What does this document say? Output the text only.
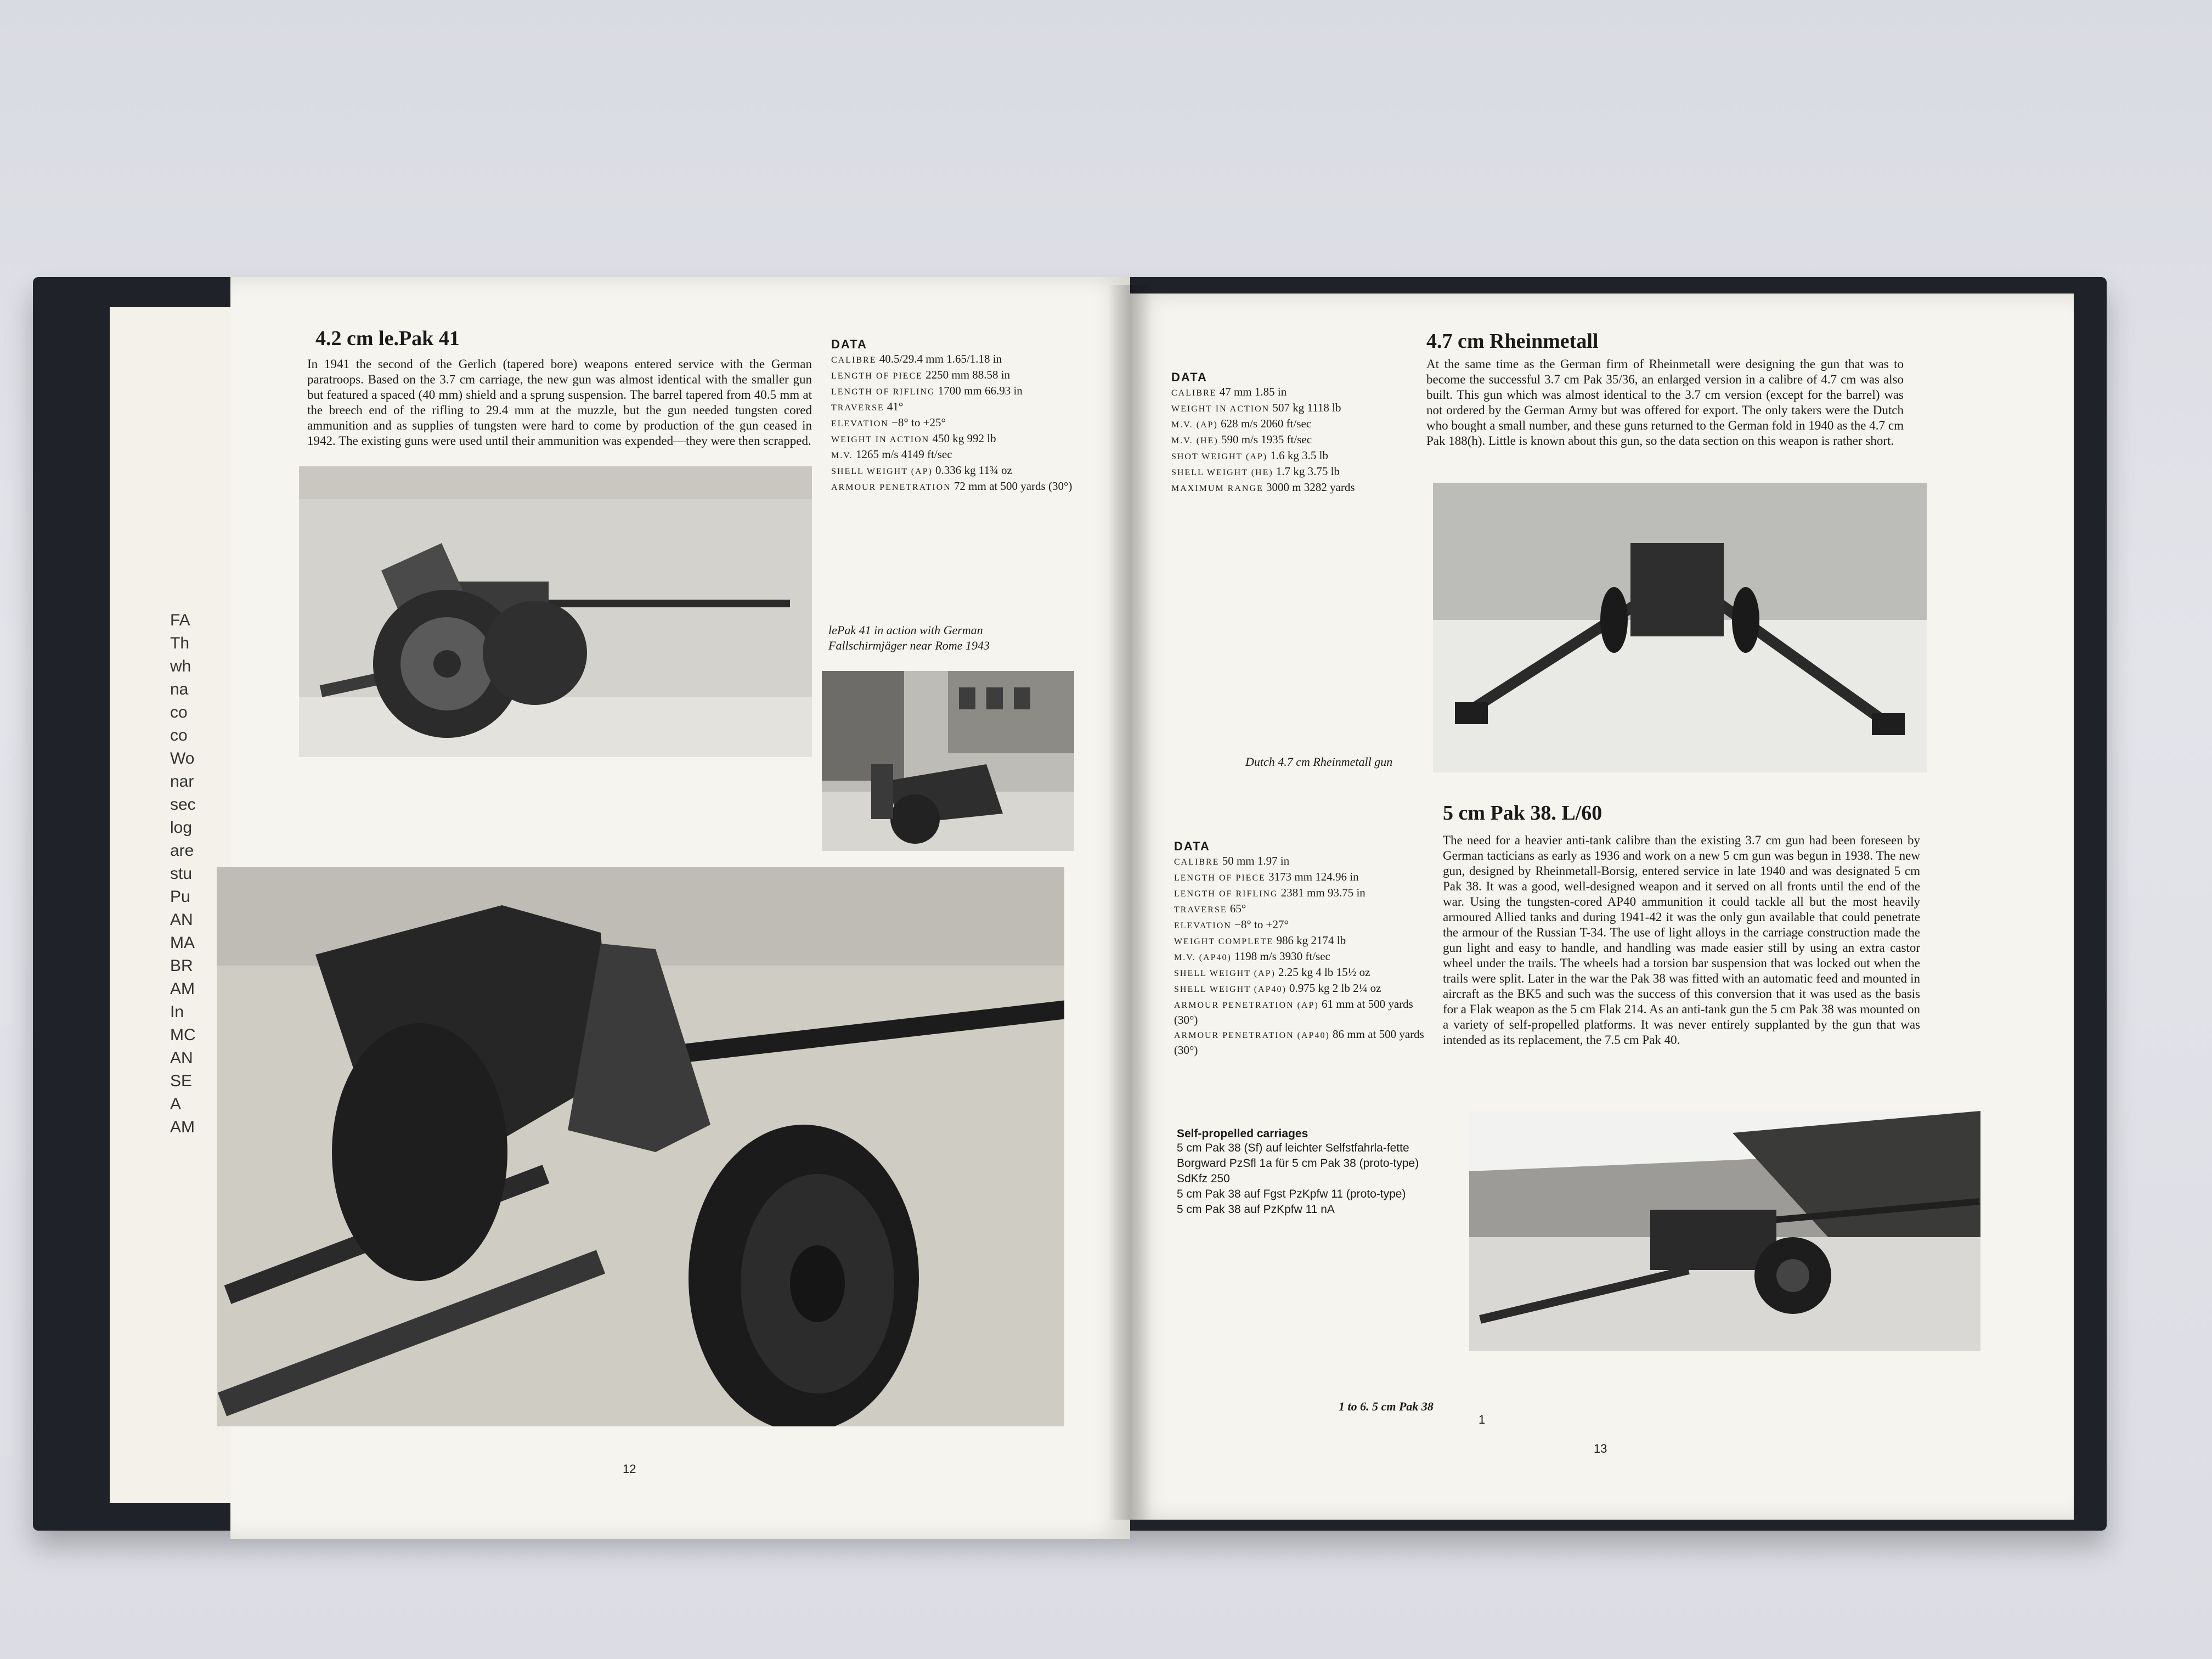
FA
Th
wh
na
co
co
Wo
nar
sec
log
are
stu
Pu
AN
MA
BR
AM
In
MC
AN
SE
A
AM
4.2 cm le.Pak 41
In 1941 the second of the Gerlich (tapered bore) weapons entered service with the German paratroops. Based on the 3.7 cm carriage, the new gun was almost identical with the smaller gun but featured a spaced (40 mm) shield and a sprung suspension. The barrel tapered from 40.5 mm at the breech end of the rifling to 29.4 mm at the muzzle, but the gun needed tungsten cored ammunition and as supplies of tungsten were hard to come by production of the gun ceased in 1942. The existing guns were used until their ammunition was expended—they were then scrapped.
DATA
CALIBRE 40.5/29.4 mm 1.65/1.18 in
LENGTH OF PIECE 2250 mm 88.58 in
LENGTH OF RIFLING 1700 mm 66.93 in
TRAVERSE 41°
ELEVATION −8° to +25°
WEIGHT IN ACTION 450 kg 992 lb
M.V. 1265 m/s 4149 ft/sec
SHELL WEIGHT (AP) 0.336 kg 11¾ oz
ARMOUR PENETRATION 72 mm at 500 yards (30°)
lePak 41 in action with German Fallschirmjäger near Rome 1943
12
4.7 cm Rheinmetall
At the same time as the German firm of Rheinmetall were designing the gun that was to become the successful 3.7 cm Pak 35/36, an enlarged version in a calibre of 4.7 cm was also built. This gun which was almost identical to the 3.7 cm version (except for the barrel) was not ordered by the German Army but was offered for export. The only takers were the Dutch who bought a small number, and these guns returned to the German fold in 1940 as the 4.7 cm Pak 188(h). Little is known about this gun, so the data section on this weapon is rather short.
DATA
CALIBRE 47 mm 1.85 in
WEIGHT IN ACTION 507 kg 1118 lb
M.V. (AP) 628 m/s 2060 ft/sec
M.V. (HE) 590 m/s 1935 ft/sec
SHOT WEIGHT (AP) 1.6 kg 3.5 lb
SHELL WEIGHT (HE) 1.7 kg 3.75 lb
MAXIMUM RANGE 3000 m 3282 yards
Dutch 4.7 cm Rheinmetall gun
5 cm Pak 38. L/60
The need for a heavier anti-tank calibre than the existing 3.7 cm gun had been foreseen by German tacticians as early as 1936 and work on a new 5 cm gun was begun in 1938. The new gun, designed by Rheinmetall-Borsig, entered service in late 1940 and was designated 5 cm Pak 38. It was a good, well-designed weapon and it served on all fronts until the end of the war. Using the tungsten-cored AP40 ammunition it could tackle all but the most heavily armoured Allied tanks and during 1941-42 it was the only gun available that could penetrate the armour of the Russian T-34. The use of light alloys in the carriage construction made the gun light and easy to handle, and handling was made easier still by using an extra castor wheel under the trails. The wheels had a torsion bar suspension that was locked out when the trails were split. Later in the war the Pak 38 was fitted with an automatic feed and mounted in aircraft as the BK5 and such was the success of this conversion that it was used as the basis for a Flak weapon as the 5 cm Flak 214. As an anti-tank gun the 5 cm Pak 38 was mounted on a variety of self-propelled platforms. It was never entirely supplanted by the gun that was intended as its replacement, the 7.5 cm Pak 40.
DATA
CALIBRE 50 mm 1.97 in
LENGTH OF PIECE 3173 mm 124.96 in
LENGTH OF RIFLING 2381 mm 93.75 in
TRAVERSE 65°
ELEVATION −8° to +27°
WEIGHT COMPLETE 986 kg 2174 lb
M.V. (AP40) 1198 m/s 3930 ft/sec
SHELL WEIGHT (AP) 2.25 kg 4 lb 15½ oz
SHELL WEIGHT (AP40) 0.975 kg 2 lb 2¼ oz
ARMOUR PENETRATION (AP) 61 mm at 500 yards (30°)
ARMOUR PENETRATION (AP40) 86 mm at 500 yards (30°)
Self-propelled carriages
5 cm Pak 38 (Sf) auf leichter Selfstfahrla-fette
Borgward PzSfl 1a für 5 cm Pak 38 (proto-type)
SdKfz 250
5 cm Pak 38 auf Fgst PzKpfw 11 (proto-type)
5 cm Pak 38 auf PzKpfw 11 nA
1 to 6. 5 cm Pak 38
1
13
